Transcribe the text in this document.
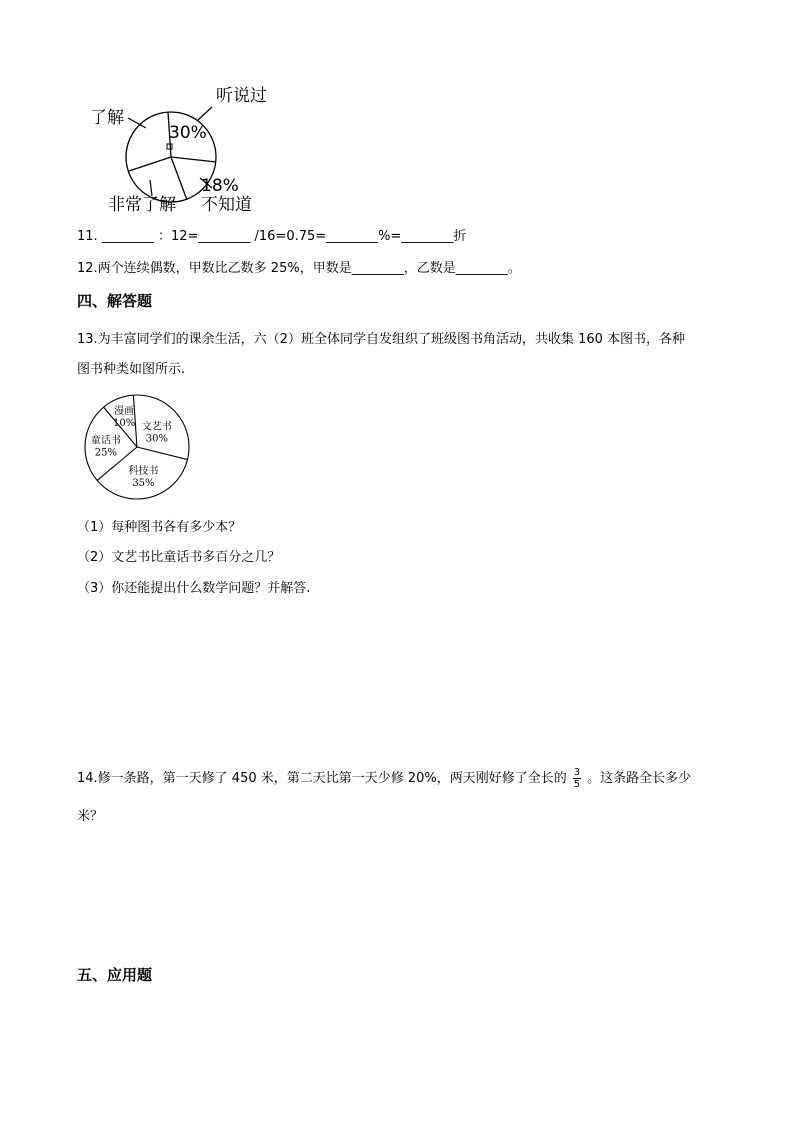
听说过
了解
30%
18%
非常了解 不知道
11. ________ ：12=________ /16=0.75=________%=________折
12.两个连续偶数，甲数比乙数多 25%，甲数是________，乙数是________。
四、解答题
13.为丰富同学们的课余生活，六（2）班全体同学自发组织了班级图书角活动，共收集 160 本图书，各种
图书种类如图所示.
漫画
10% 文艺书
30%
科技书
35%
童话书
25%
（1）每种图书各有多少本？
（2）文艺书比童话书多百分之几？
（3）你还能提出什么数学问题？并解答.
14.修一条路，第一天修了 450 米，第二天比第一天少修 20%，两天刚好修了全长的 $\frac{3}{5}$ 。这条路全长多少
米？
五、应用题
